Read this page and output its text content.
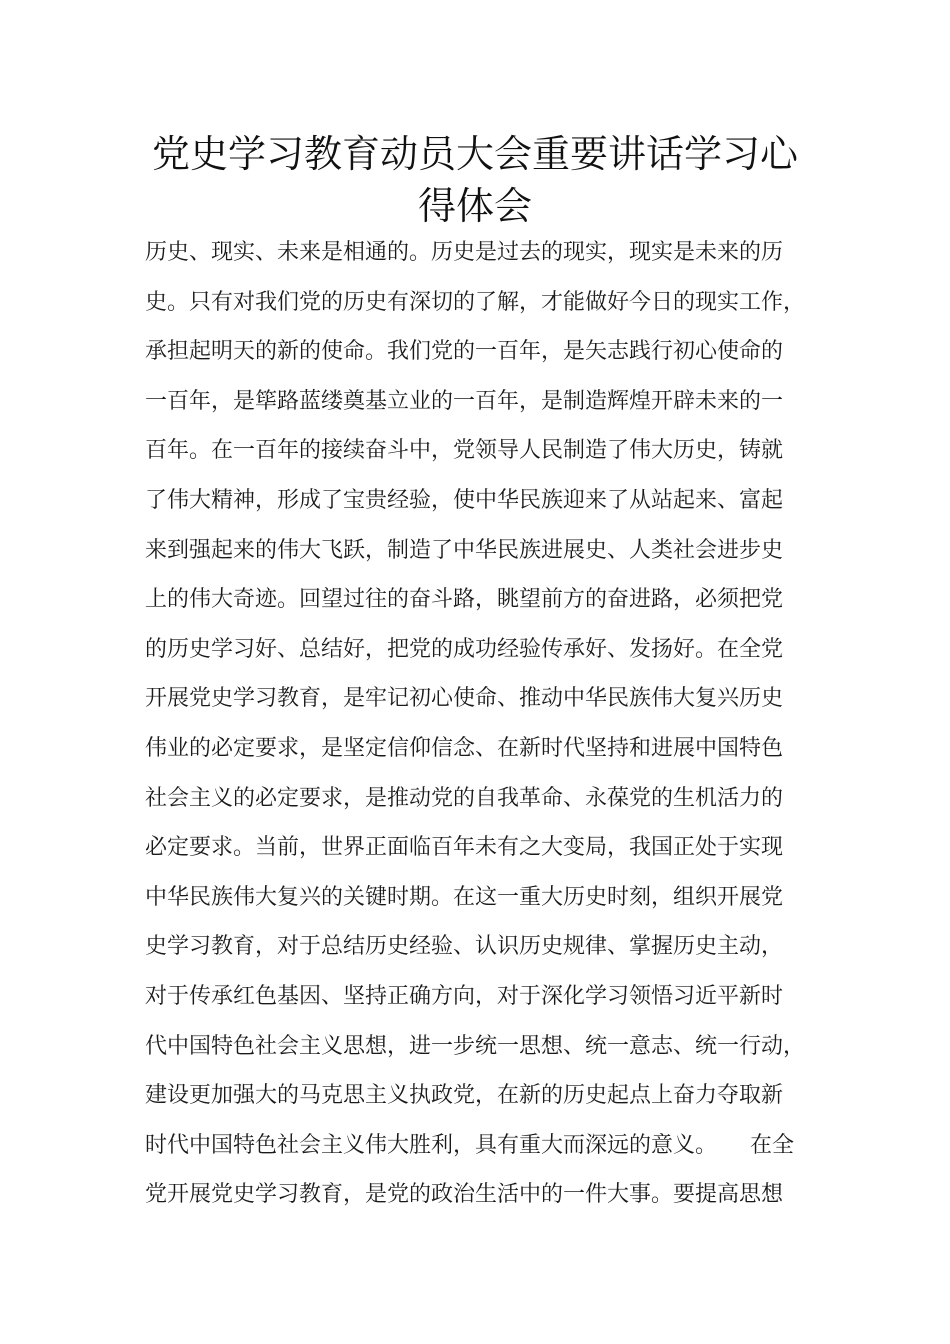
党史学习教育动员大会重要讲话学习心
得体会
历史、现实、未来是相通的。历史是过去的现实，现实是未来的历
史。只有对我们党的历史有深切的了解，才能做好今日的现实工作，
承担起明天的新的使命。我们党的一百年，是矢志践行初心使命的
一百年，是筚路蓝缕奠基立业的一百年，是制造辉煌开辟未来的一
百年。在一百年的接续奋斗中，党领导人民制造了伟大历史，铸就
了伟大精神，形成了宝贵经验，使中华民族迎来了从站起来、富起
来到强起来的伟大飞跃，制造了中华民族进展史、人类社会进步史
上的伟大奇迹。回望过往的奋斗路，眺望前方的奋进路，必须把党
的历史学习好、总结好，把党的成功经验传承好、发扬好。在全党
开展党史学习教育，是牢记初心使命、推动中华民族伟大复兴历史
伟业的必定要求，是坚定信仰信念、在新时代坚持和进展中国特色
社会主义的必定要求，是推动党的自我革命、永葆党的生机活力的
必定要求。当前，世界正面临百年未有之大变局，我国正处于实现
中华民族伟大复兴的关键时期。在这一重大历史时刻，组织开展党
史学习教育，对于总结历史经验、认识历史规律、掌握历史主动，
对于传承红色基因、坚持正确方向，对于深化学习领悟习近平新时
代中国特色社会主义思想，进一步统一思想、统一意志、统一行动，
建设更加强大的马克思主义执政党，在新的历史起点上奋力夺取新
时代中国特色社会主义伟大胜利，具有重大而深远的意义。　　在全
党开展党史学习教育，是党的政治生活中的一件大事。要提高思想
